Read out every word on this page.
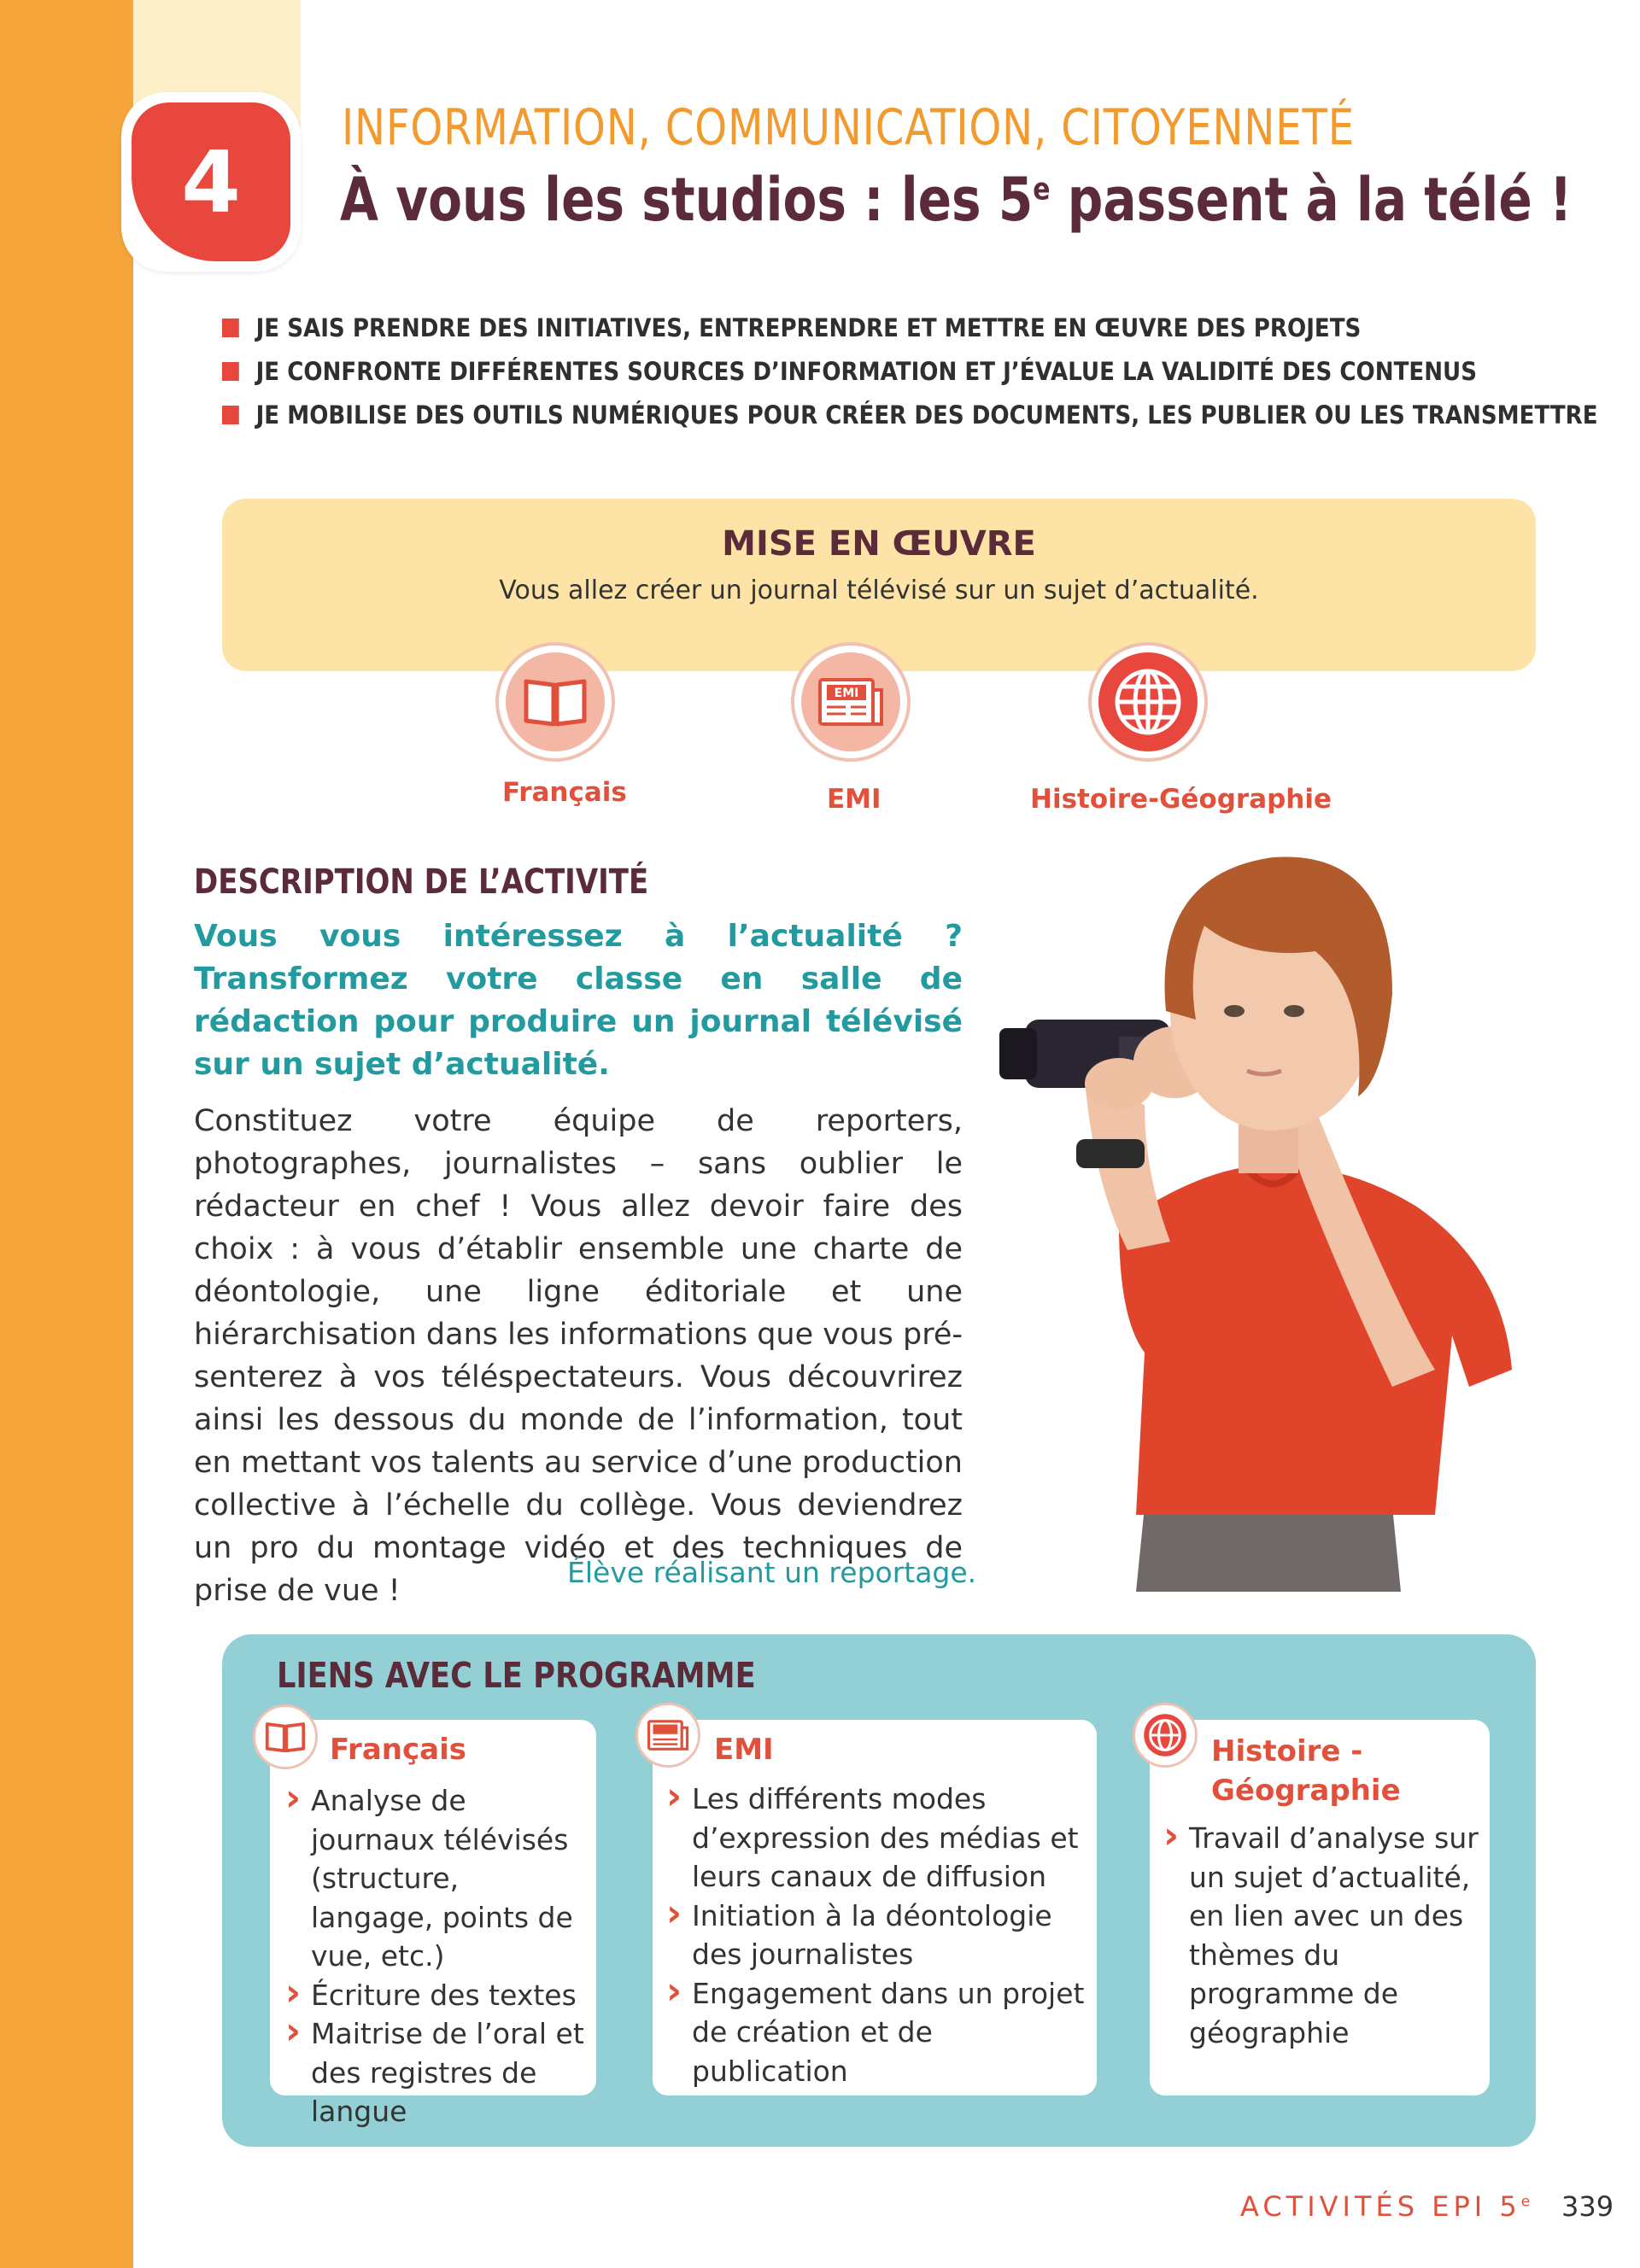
4
INFORMATION, COMMUNICATION, CITOYENNETÉ
À vous les studios : les 5e passent à la télé !
JE SAIS PRENDRE DES INITIATIVES, ENTREPRENDRE ET METTRE EN ŒUVRE DES PROJETS
JE CONFRONTE DIFFÉRENTES SOURCES D’INFORMATION ET J’ÉVALUE LA VALIDITÉ DES CONTENUS
JE MOBILISE DES OUTILS NUMÉRIQUES POUR CRÉER DES DOCUMENTS, LES PUBLIER OU LES TRANSMETTRE
MISE EN ŒUVRE
Vous allez créer un journal télévisé sur un sujet d’actualité.
Français
EMI
EMI	Histoire-Géographie
DESCRIPTION DE L’ACTIVITÉ
Vous vous intéressez à l’actualité ? Transformez votre classe en salle de rédaction pour produire un journal télévisé sur un sujet d’actualité.
Constituez votre équipe de reporters, photographes, journalistes – sans oublier le rédacteur en chef ! Vous allez devoir faire des choix : à vous d’établir ensemble une charte de déontologie, une ligne éditoriale et une hiérarchisation dans les informations que vous présenterez à vos téléspectateurs. Vous découvrirez ainsi les dessous du monde de l’information, tout en mettant vos talents au service d’une production collective à l’échelle du collège. Vous deviendrez un pro du montage vidéo et des techniques de prise de vue !
Élève réalisant un reportage.
LIENS AVEC LE PROGRAMME
Français
› Analyse de journaux télévisés (structure, langage, points de vue, etc.)
› Écriture des textes
› Maitrise de l’oral et des registres de langue
EMI
› Les différents modes d’expression des médias et leurs canaux de diffusion
› Initiation à la déontologie des journalistes
› Engagement dans un projet de création et de publication
Histoire - Géographie
› Travail d’analyse sur un sujet d’actualité, en lien avec un des thèmes du programme de géographie
ACTIVITÉS EPI 5e 339
